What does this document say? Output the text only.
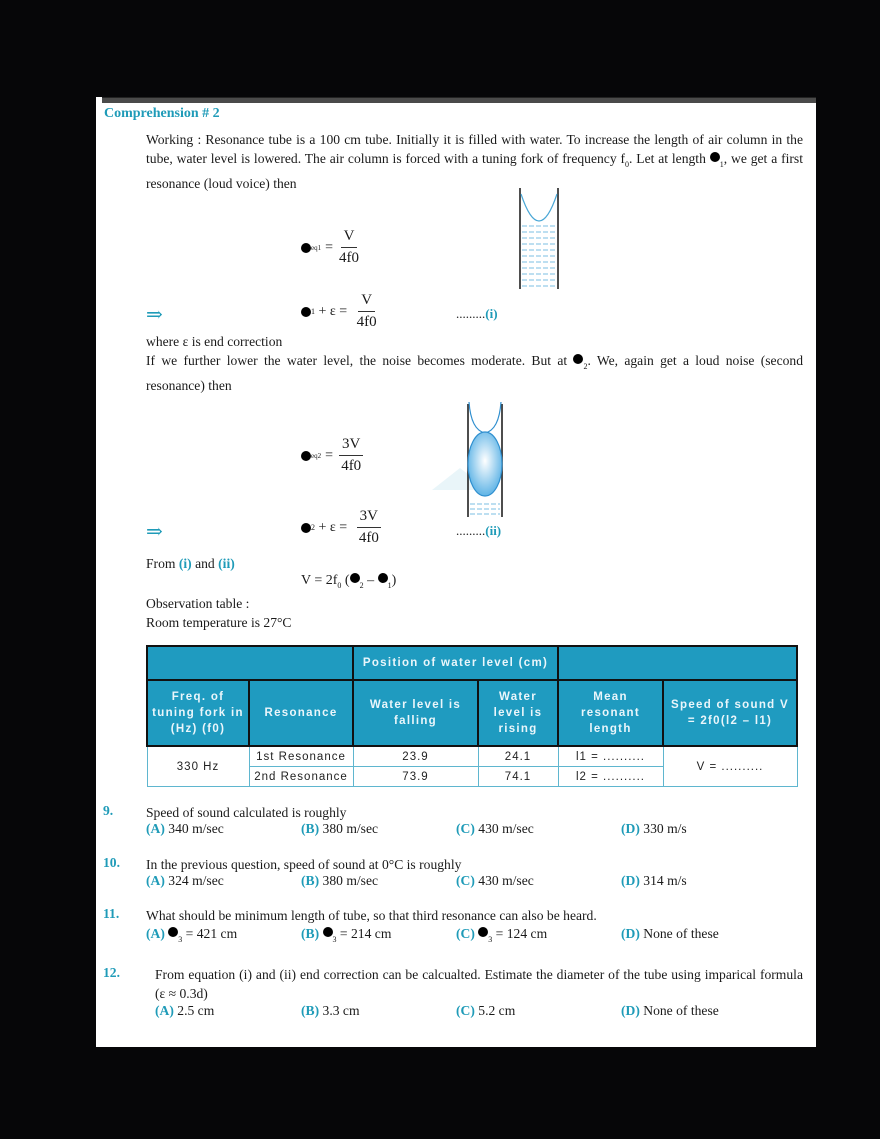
Comprehension # 2
Working : Resonance tube is a 100 cm tube. Initially it is filled with water. To increase the length of air column in the tube, water level is lowered. The air column is forced with a tuning fork of frequency $f_0$. Let at length $_1$, we get a first resonance (loud voice) then
$eq1 = \frac{V}{4f0}$
⇒	$1 + \varepsilon = \frac{V}{4f0}$	.........(i)
where ε is end correction
If we further lower the water level, the noise becomes moderate. But at $_2$. We, again get a loud noise (second resonance) then
$eq2 = \frac{3V}{4f0}$
⇒	$2 + \varepsilon = \frac{3V}{4f0}$	.........(ii)
From (i) and (ii)
$V = 2f_0$ ( $_2$ – $_1$)
Observation table :
Room temperature is 27°C
		Position of water level (cm)			
Freq. of tuning fork in (Hz) (f0)	Resonance	Water level is falling	Water level is rising	Mean resonant length	Speed of sound V = 2f0(l2 – l1)
330 Hz	1st Resonance	23.9	24.1	l1 = ..........	V = ..........
	2nd Resonance	73.9	74.1	l2 = ..........	
9. Speed of sound calculated is roughly
(A) 340 m/sec	(B) 380 m/sec	(C) 430 m/sec	(D) 330 m/s
10. In the previous question, speed of sound at 0°C is roughly
(A) 324 m/sec	(B) 380 m/sec	(C) 430 m/sec	(D) 314 m/s
11. What should be minimum length of tube, so that third resonance can also be heard.
(A) $_3$ = 421 cm	(B) $_3$ = 214 cm	(C) $_3$ = 124 cm	(D) None of these
12.	From equation (i) and (ii) end correction can be calcualted. Estimate the diameter of the tube using imparical formula (ε ≈ 0.3d)
(A) 2.5 cm	(B) 3.3 cm	(C) 5.2 cm	(D) None of these
